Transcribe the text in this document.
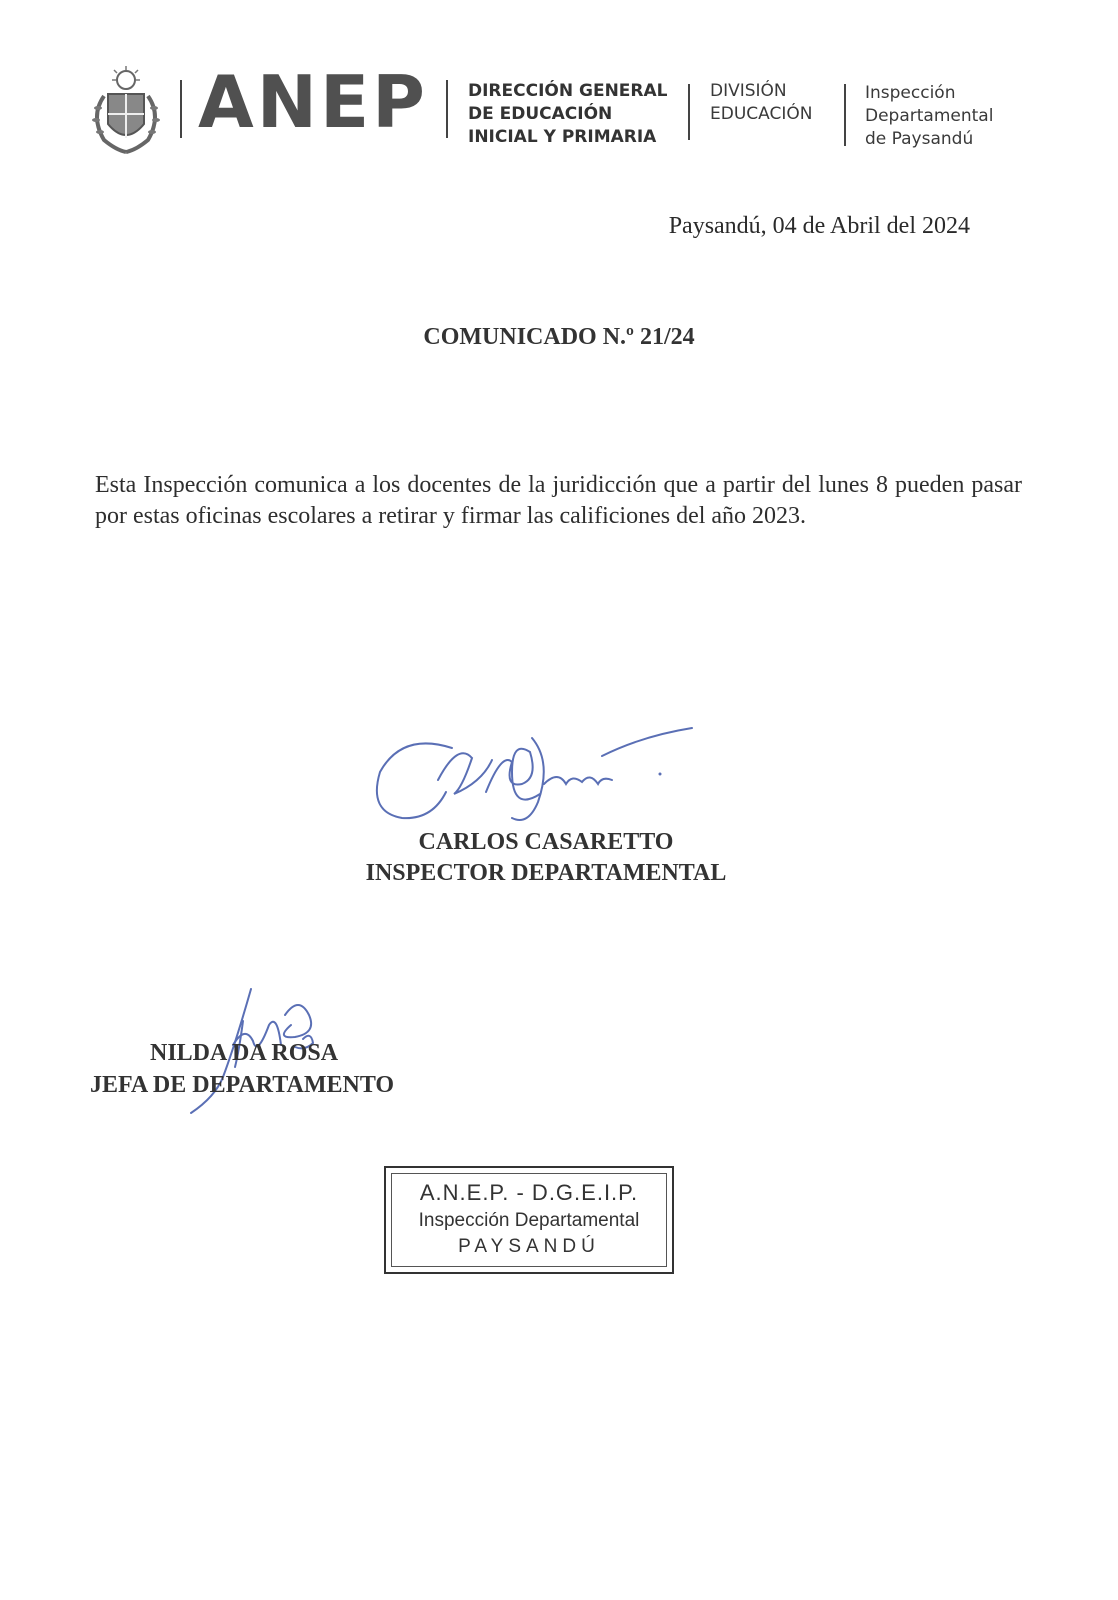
ANEP DIRECCIÓN GENERAL
DE EDUCACIÓN
INICIAL Y PRIMARIA
DIVISIÓN
EDUCACIÓN
Inspección
Departamental
de Paysandú
Paysandú, 04 de Abril del 2024
COMUNICADO N.º 21/24
Esta Inspección comunica a los docentes de la juridicción que a partir del lunes 8 pueden pasar por estas oficinas escolares a retirar y firmar las calificiones del año 2023.
CARLOS CASARETTO
INSPECTOR DEPARTAMENTAL
NILDA DA ROSA
JEFA DE DEPARTAMENTO
A.N.E.P. - D.G.E.I.P.
Inspección Departamental
PAYSANDÚ
